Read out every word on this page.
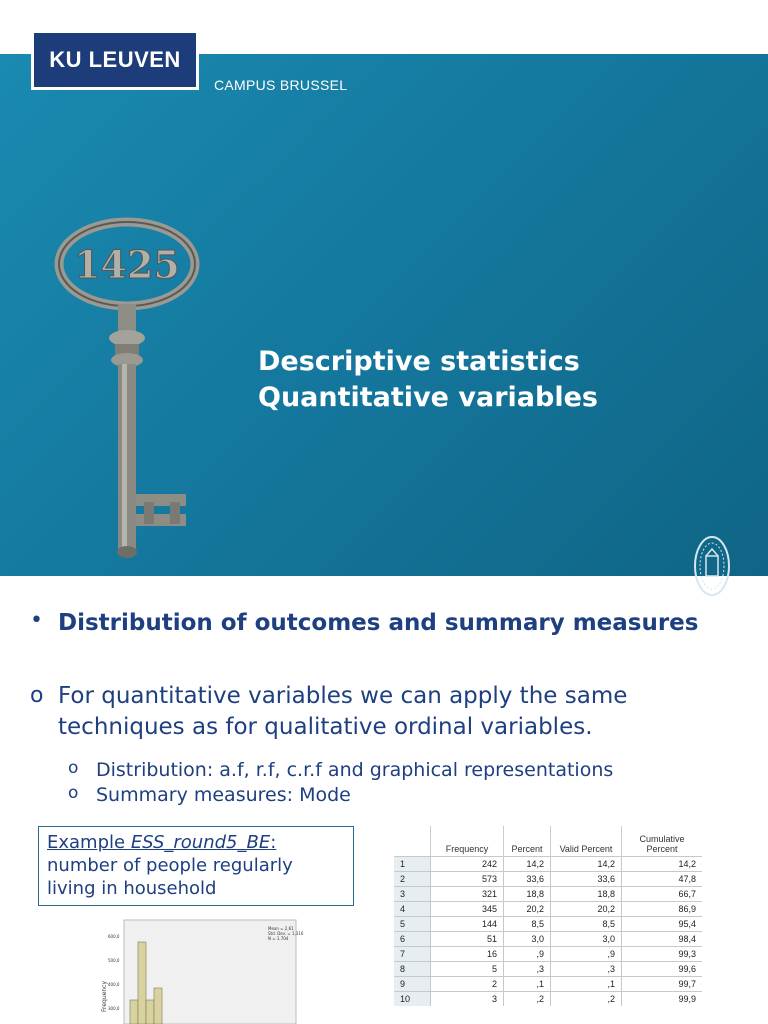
1425
Descriptive statistics
Quantitative variables
KU LEUVEN
CAMPUS BRUSSEL
• Distribution of outcomes and summary measures
o For quantitative variables we can apply the same techniques as for qualitative ordinal variables.
o Distribution: a.f, r.f, c.r.f and graphical representations
o Summary measures: Mode
Example ESS_round5_BE:
number of people regularly living in household
Frequency
600,0
500,0
400,0
300,0
Mean = 2,61
Std. Dev. = 1,316
N = 1.704
	Frequency	Percent	Valid Percent	Cumulative Percent
1	242	14,2	14,2	14,2
2	573	33,6	33,6	47,8
3	321	18,8	18,8	66,7
4	345	20,2	20,2	86,9
5	144	8,5	8,5	95,4
6	51	3,0	3,0	98,4
7	16	,9	,9	99,3
8	5	,3	,3	99,6
9	2	,1	,1	99,7
10	3	,2	,2	99,9
